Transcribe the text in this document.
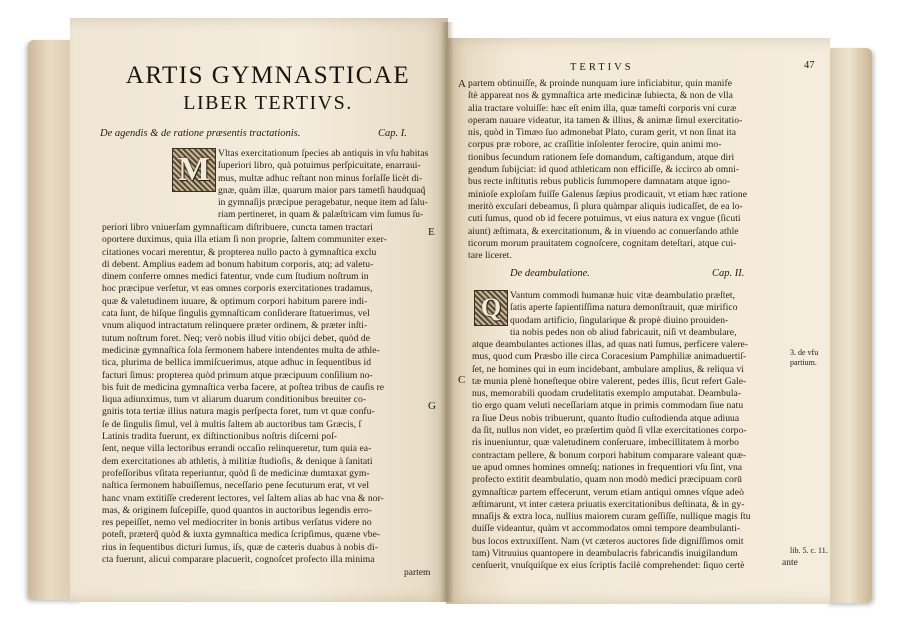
ARTIS GYMNASTICAE
LIBER TERTIVS.
De agendis & de ratione præsentis tractationis.	Cap. I.
M Vltas exercitationum ſpecies ab antiquis in vſu habitas
ſuperiori libro, quà potuimus perſpicuitate, enarraui-
mus, multæ adhuc reſtant non minus forſaſſe licèt di-
gnæ, quàm illæ, quarum maior pars tametſi haudquaq̃
in gymnaſijs præcipue peragebatur, neque item ad ſalu-
riam pertineret, in quam & palæſtricam vim ſumus ſu-
periori libro vniuerſam gymnaſticam diſtribuere, cuncta tamen tractari
oportere duximus, quia illa etiam ſi non proprie, ſaltem communiter exer-
citationes vocari merentur, & propterea nullo pacto à gymnaſtica exclu
di debent. Amplius eadem ad bonum habitum corporis, atq; ad valetu-
dinem conferre omnes medici fatentur, vnde cum ſtudium noſtrum in
hoc præcipue verſetur, vt eas omnes corporis exercitationes tradamus,
quæ & valetudinem iuuare, & optimum corpori habitum parere indi-
cata ſunt, de hiſque ſingulis gymnaſticam conſiderare ſtatuerimus, vel
vnum aliquod intractatum relinquere præter ordinem, & præter inſti-
tutum noſtrum foret. Neq; verò nobis illud vitio obijci debet, quòd de
medicinæ gymnaſtica ſola ſermonem habere intendentes multa de athle-
tica, plurima de bellica immiſcuerimus, atque adhuc in ſequentibus id
facturi ſimus: propterea quòd primum atque præcipuum conſilium no-
bis fuit de medicina gymnaſtica verba facere, at poſtea tribus de cauſis re
liqua adiunximus, tum vt aliarum duarum conditionibus breuiter co-
gnitis tota tertiæ illius natura magis perſpecta foret, tum vt quæ confu-
ſe de ſingulis ſimul, vel à multis ſaltem ab auctoribus tam Græcis, ſ
Latinis tradita fuerunt, ex diſtinctionibus noſtris diſcerni poſ-
ſent, neque villa lectoribus errandi occaſio relinqueretur, tum quia ea-
dem exercitationes ab athletis, à militiæ ſtudioſis, & denique à ſanitati
profeſſoribus vſitata reperiuntur, quòd ſi de medicinæ dumtaxat gym-
naſtica ſermonem habuiſſemus, neceſſario pene ſecuturum erat, vt vel
hanc vnam extitiſſe crederent lectores, vel ſaltem alias ab hac vna & nor-
mas, & originem ſuſcepiſſe, quod quantos in auctoribus legendis erro-
res pepeiſſet, nemo vel mediocriter in bonis artibus verſatus videre no
poteſt, præterq̃ quòd & iuxta gymnaſtica medica ſcripſimus, quæne vbe-
rius in ſequentibus dicturi ſumus, iſs, quæ de cæteris duabus à nobis di-
cta fuerunt, alicui comparare placuerit, cognoſcet profecto illa minima
partem
E
G
TERTIVS	47
partem obtinuiſſe, & proinde nunquam iure inficiabitur, quin manife
ſtè appareat nos & gymnaſtica arte medicinæ ſubiecta, & non de vlla
alia tractare voluiſſe: hæc eſt enim illa, quæ tameſti corporis vni curæ
operam nauare videatur, ita tamen & illius, & animæ ſimul exercitatio-
nis, quòd in Timæo ſuo admonebat Plato, curam gerit, vt non ſinat ita
corpus præ robore, ac craſſitie inſolenter ferocire, quin animi mo-
tionibus ſecundum rationem ſeſe domandum, caſtigandum, atque diri
gendum ſubijciat: id quod athleticam non efficiſſe, & iccirco ab omni-
bus recte inſtitutis rebus publicis ſummopere damnatam atque igno-
minioſe exploſam fuiſſe Galenus ſæpius prodicauit, vt etiam hæc ratione
meritò excuſari debeamus, ſi plura quàmpar aliquis iudicaſſet, de ea lo-
cuti ſumus, quod ob id fecere potuimus, vt eius natura ex vngue (ſicuti
aiunt) æſtimata, & exercitationum, & in viuendo ac conuerſando athle
ticorum morum prauitatem cognoſcere, cognitam deteſtari, atque cui-
tare liceret.
De deambulatione.	Cap. II.
Q Vantum commodi humanæ huic vitæ deambulatio præſtet,
ſatis aperte ſapientiſſima natura demonſtrauit, quæ mirifico
quodam artificio, ſingularique & propè diuino prouiden-
tia nobis pedes non ob aliud fabricauit, niſi vt deambulare,
atque deambulantes actiones illas, ad quas nati ſumus, perficere valere-
mus, quod cum Præsbo ille circa Coracesium Pamphiliæ animaduertiſ-
ſet, ne homines qui in eum incidebant, ambulare amplius, & reliqua vi
tæ munia plenè honeſteque obire valerent, pedes illis, ſicut refert Gale-
nus, memorabili quodam crudelitatis exemplo amputabat. Deambula-
tio ergo quam veluti neceſſariam atque in primis commodam ſiue natu
ra ſiue Deus nobis tribuerunt, quanto ſtudio cuſtodienda atque adiuua
da ſit, nullus non videt, eo præſertim quòd ſi vllæ exercitationes corpo-
ris inueniuntur, quæ valetudinem conſeruare, imbecillitatem à morbo
contractam pellere, & bonum corpori habitum comparare valeant quæ-
ue apud omnes homines omneſq; nationes in frequentiori vſu ſint, vna
profecto extitit deambulatio, quam non modò medici præcipuam corū
gymnaſticæ partem effecerunt, verum etiam antiqui omnes vſque adeò
æſtimarunt, vt inter cætera priuatis exercitationibus deſtinata, & in gy-
mnaſijs & extra loca, nullius maiorem curam geſſiſſe, nullique magis ſtu
duiſſe videantur, quàm vt accommodatos omni tempore deambulanti-
bus locos extruxiſſent. Nam (vt cæteros auctores ſide digniſſimos omit
tam) Vitruuius quantopere in deambulacris fabricandis inuigilandum
cenſuerit, vnuſquiſque ex eius ſcriptis facilè comprehendet: ſiquo certè
A
C
3. de vfu partium.
lib. 5. c. 11.
ante
